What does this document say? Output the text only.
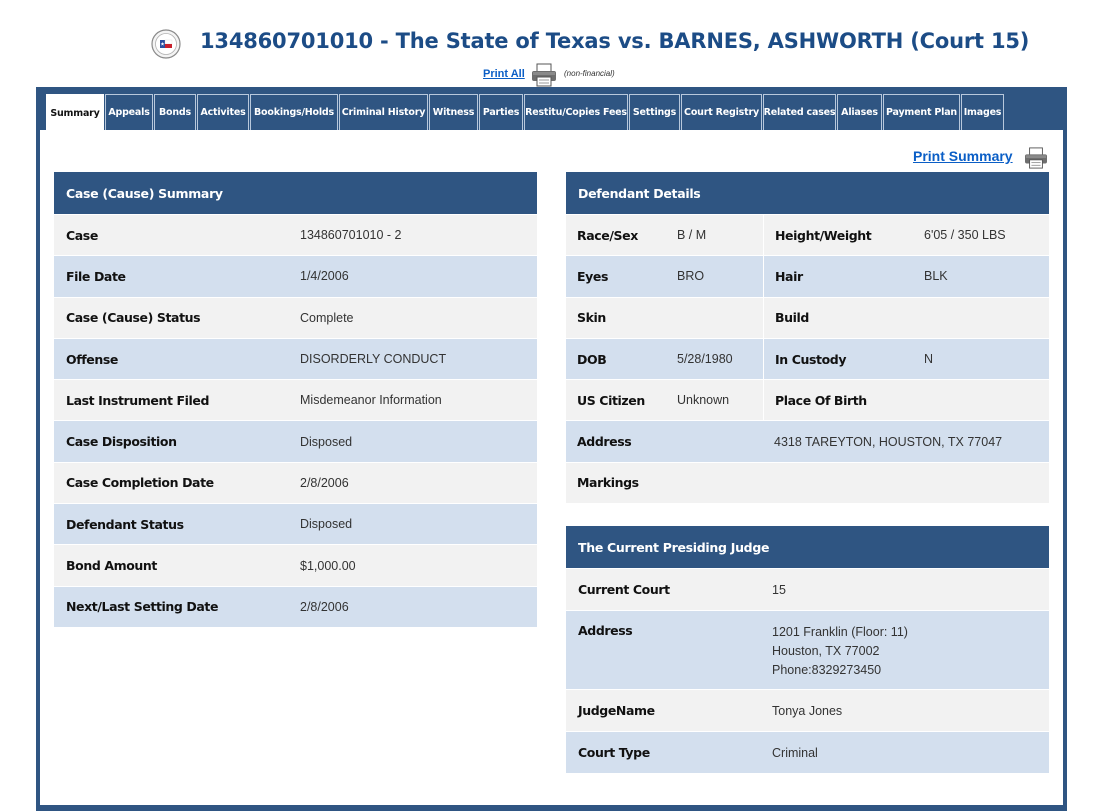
134860701010 - The State of Texas vs. BARNES, ASHWORTH (Court 15)
Print All	(non-financial)
Summary Appeals Bonds Activites Bookings/Holds Criminal History Witness Parties Restitu/Copies Fees Settings Court Registry Related cases Aliases Payment Plan Images
Print Summary
Case (Cause) Summary
Case	134860701010 - 2
File Date	1/4/2006
Case (Cause) Status	Complete
Offense	DISORDERLY CONDUCT
Last Instrument Filed	Misdemeanor Information
Case Disposition	Disposed
Case Completion Date	2/8/2006
Defendant Status	Disposed
Bond Amount	$1,000.00
Next/Last Setting Date	2/8/2006
Defendant Details
Race/Sex	B / M	Height/Weight	6'05 / 350 LBS
Eyes	BRO	Hair	BLK
Skin	Build
DOB	5/28/1980	In Custody	N
US Citizen	Unknown	Place Of Birth
Address	4318 TAREYTON, HOUSTON, TX 77047
Markings
The Current Presiding Judge
Current Court	15
Address	1201 Franklin (Floor: 11)
Houston, TX 77002
Phone:8329273450
JudgeName	Tonya Jones
Court Type	Criminal
